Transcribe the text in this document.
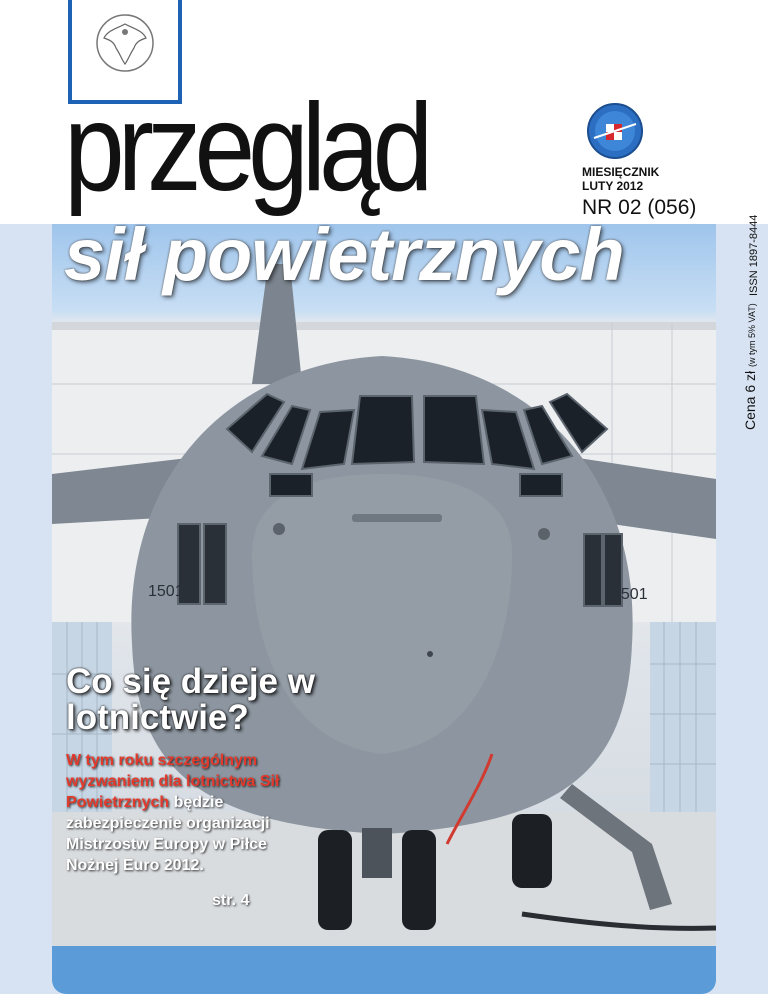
1501	1501
przegląd
sił powietrznych
MIESIĘCZNIK
LUTY 2012
NR 02 (056)
ISSN 1897-8444
Cena 6 zł (w tym 5% VAT)
Co się dzieje w lotnictwie?

W tym roku szczególnym wyzwaniem dla lotnictwa Sił Powietrznych będzie zabezpieczenie organizacji Mistrzostw Europy w Piłce Nożnej Euro 2012.

str. 4
